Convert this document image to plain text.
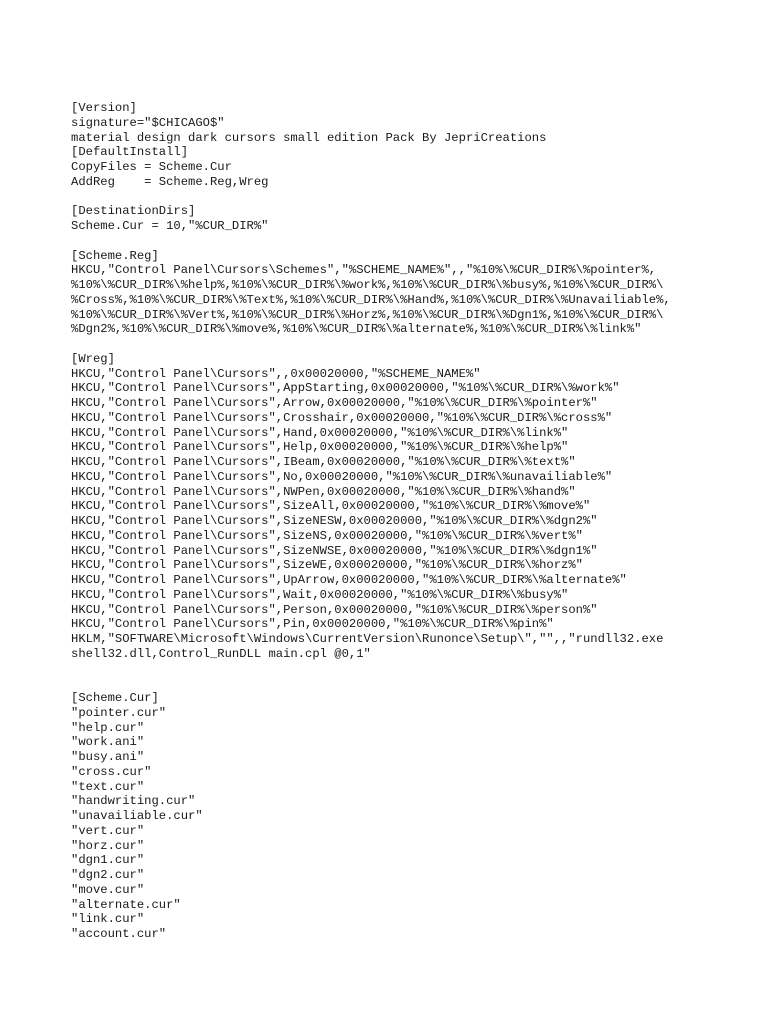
[Version]
signature="$CHICAGO$"
material design dark cursors small edition Pack By JepriCreations
[DefaultInstall]
CopyFiles = Scheme.Cur
AddReg    = Scheme.Reg,Wreg
[DestinationDirs]
Scheme.Cur = 10,"%CUR_DIR%"
[Scheme.Reg]
HKCU,"Control Panel\Cursors\Schemes","%SCHEME_NAME%",,"%10%\%CUR_DIR%\%pointer%,
%10%\%CUR_DIR%\%help%,%10%\%CUR_DIR%\%work%,%10%\%CUR_DIR%\%busy%,%10%\%CUR_DIR%\
%Cross%,%10%\%CUR_DIR%\%Text%,%10%\%CUR_DIR%\%Hand%,%10%\%CUR_DIR%\%Unavailiable%,
%10%\%CUR_DIR%\%Vert%,%10%\%CUR_DIR%\%Horz%,%10%\%CUR_DIR%\%Dgn1%,%10%\%CUR_DIR%\
%Dgn2%,%10%\%CUR_DIR%\%move%,%10%\%CUR_DIR%\%alternate%,%10%\%CUR_DIR%\%link%"
[Wreg]
HKCU,"Control Panel\Cursors",,0x00020000,"%SCHEME_NAME%"
HKCU,"Control Panel\Cursors",AppStarting,0x00020000,"%10%\%CUR_DIR%\%work%"
HKCU,"Control Panel\Cursors",Arrow,0x00020000,"%10%\%CUR_DIR%\%pointer%"
HKCU,"Control Panel\Cursors",Crosshair,0x00020000,"%10%\%CUR_DIR%\%cross%"
HKCU,"Control Panel\Cursors",Hand,0x00020000,"%10%\%CUR_DIR%\%link%"
HKCU,"Control Panel\Cursors",Help,0x00020000,"%10%\%CUR_DIR%\%help%"
HKCU,"Control Panel\Cursors",IBeam,0x00020000,"%10%\%CUR_DIR%\%text%"
HKCU,"Control Panel\Cursors",No,0x00020000,"%10%\%CUR_DIR%\%unavailiable%"
HKCU,"Control Panel\Cursors",NWPen,0x00020000,"%10%\%CUR_DIR%\%hand%"
HKCU,"Control Panel\Cursors",SizeAll,0x00020000,"%10%\%CUR_DIR%\%move%"
HKCU,"Control Panel\Cursors",SizeNESW,0x00020000,"%10%\%CUR_DIR%\%dgn2%"
HKCU,"Control Panel\Cursors",SizeNS,0x00020000,"%10%\%CUR_DIR%\%vert%"
HKCU,"Control Panel\Cursors",SizeNWSE,0x00020000,"%10%\%CUR_DIR%\%dgn1%"
HKCU,"Control Panel\Cursors",SizeWE,0x00020000,"%10%\%CUR_DIR%\%horz%"
HKCU,"Control Panel\Cursors",UpArrow,0x00020000,"%10%\%CUR_DIR%\%alternate%"
HKCU,"Control Panel\Cursors",Wait,0x00020000,"%10%\%CUR_DIR%\%busy%"
HKCU,"Control Panel\Cursors",Person,0x00020000,"%10%\%CUR_DIR%\%person%"
HKCU,"Control Panel\Cursors",Pin,0x00020000,"%10%\%CUR_DIR%\%pin%"
HKLM,"SOFTWARE\Microsoft\Windows\CurrentVersion\Runonce\Setup\","",,"rundll32.exe
shell32.dll,Control_RunDLL main.cpl @0,1"
[Scheme.Cur]
"pointer.cur"
"help.cur"
"work.ani"
"busy.ani"
"cross.cur"
"text.cur"
"handwriting.cur"
"unavailiable.cur"
"vert.cur"
"horz.cur"
"dgn1.cur"
"dgn2.cur"
"move.cur"
"alternate.cur"
"link.cur"
"account.cur"
